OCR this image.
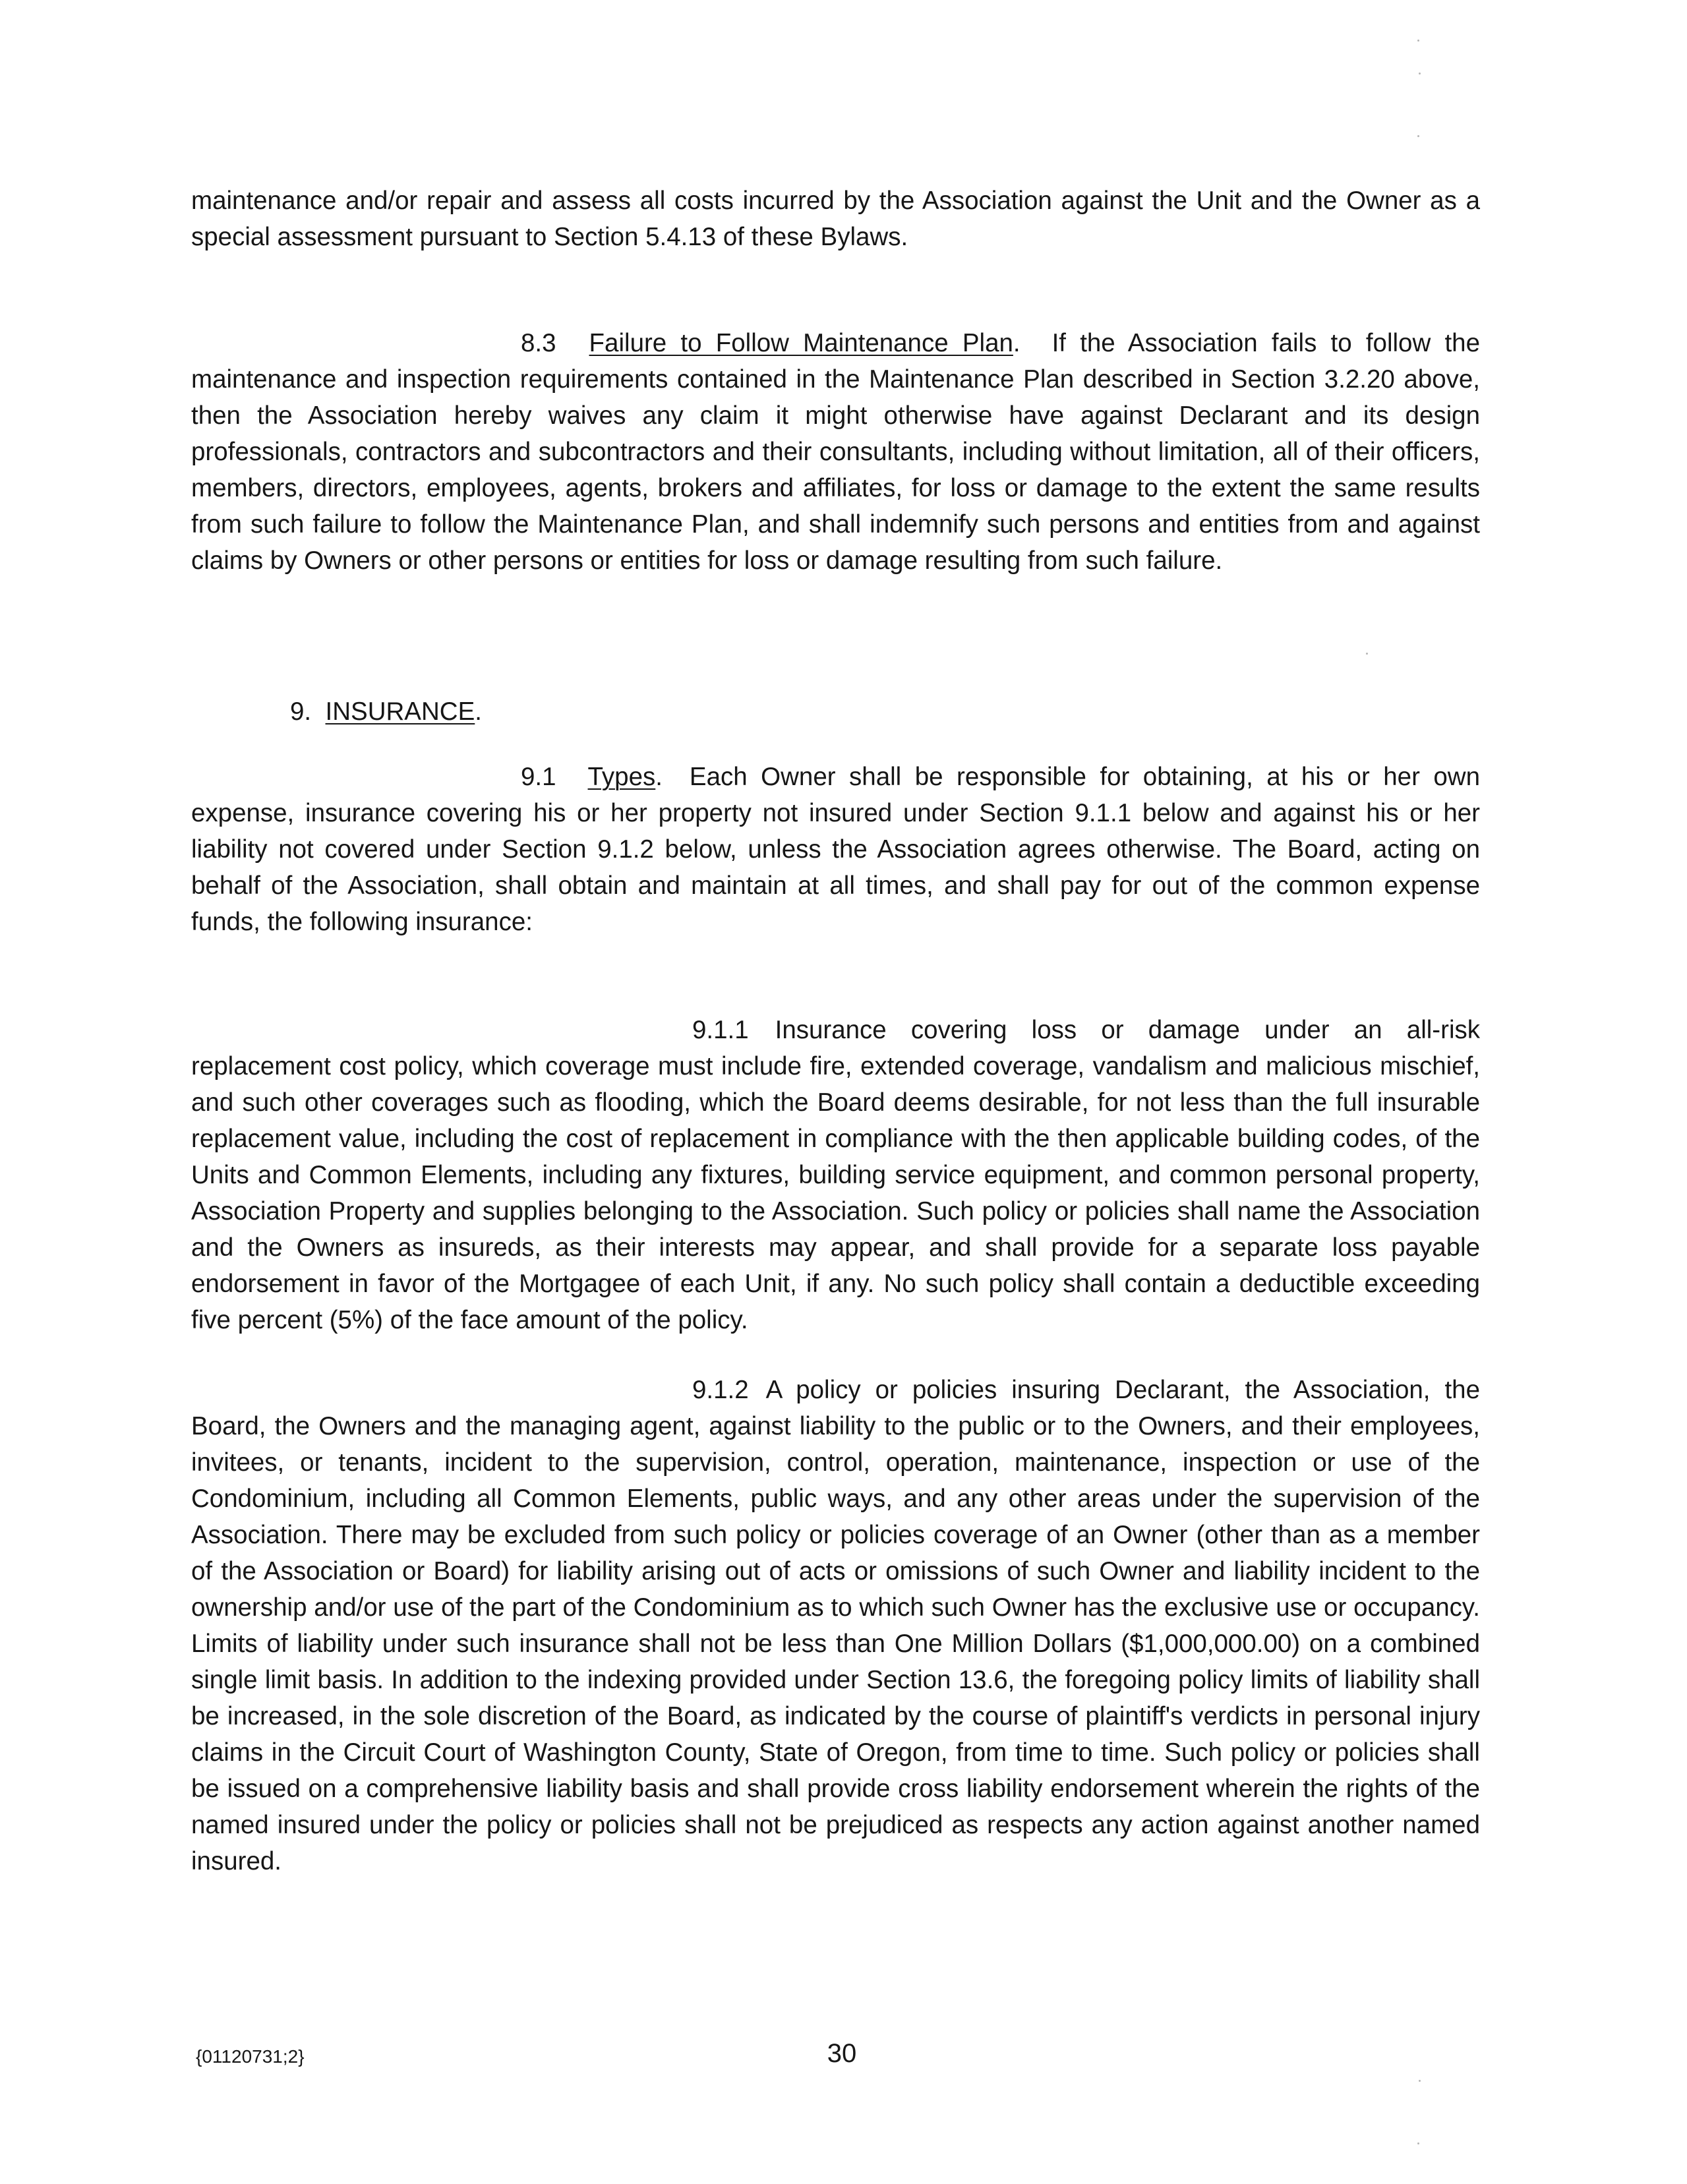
maintenance and/or repair and assess all costs incurred by the Association against the Unit and the Owner as a special assessment pursuant to Section 5.4.13 of these Bylaws.

8.3 Failure to Follow Maintenance Plan. If the Association fails to follow the maintenance and inspection requirements contained in the Maintenance Plan described in Section 3.2.20 above, then the Association hereby waives any claim it might otherwise have against Declarant and its design professionals, contractors and subcontractors and their consultants, including without limitation, all of their officers, members, directors, employees, agents, brokers and affiliates, for loss or damage to the extent the same results from such failure to follow the Maintenance Plan, and shall indemnify such persons and entities from and against claims by Owners or other persons or entities for loss or damage resulting from such failure.

9. INSURANCE.

9.1 Types.  Each Owner shall be responsible for obtaining, at his or her own expense, insurance covering his or her property not insured under Section 9.1.1 below and against his or her liability not covered under Section 9.1.2 below, unless the Association agrees otherwise. The Board, acting on behalf of the Association, shall obtain and maintain at all times, and shall pay for out of the common expense funds, the following insurance:

9.1.1 Insurance covering loss or damage under an all-risk replacement cost policy, which coverage must include fire, extended coverage, vandalism and malicious mischief, and such other coverages such as flooding, which the Board deems desirable, for not less than the full insurable replacement value, including the cost of replacement in compliance with the then applicable building codes, of the Units and Common Elements, including any fixtures, building service equipment, and common personal property, Association Property and supplies belonging to the Association. Such policy or policies shall name the Association and the Owners as insureds, as their interests may appear, and shall provide for a separate loss payable endorsement in favor of the Mortgagee of each Unit, if any. No such policy shall contain a deductible exceeding five percent (5%) of the face amount of the policy.

9.1.2 A policy or policies insuring Declarant, the Association, the Board, the Owners and the managing agent, against liability to the public or to the Owners, and their employees, invitees, or tenants, incident to the supervision, control, operation, maintenance, inspection or use of the Condominium, including all Common Elements, public ways, and any other areas under the supervision of the Association. There may be excluded from such policy or policies coverage of an Owner (other than as a member of the Association or Board) for liability arising out of acts or omissions of such Owner and liability incident to the ownership and/or use of the part of the Condominium as to which such Owner has the exclusive use or occupancy. Limits of liability under such insurance shall not be less than One Million Dollars ($1,000,000.00) on a combined single limit basis. In addition to the indexing provided under Section 13.6, the foregoing policy limits of liability shall be increased, in the sole discretion of the Board, as indicated by the course of plaintiff's verdicts in personal injury claims in the Circuit Court of Washington County, State of Oregon, from time to time. Such policy or policies shall be issued on a comprehensive liability basis and shall provide cross liability endorsement wherein the rights of the named insured under the policy or policies shall not be prejudiced as respects any action against another named insured.

{01120731;2}	30
